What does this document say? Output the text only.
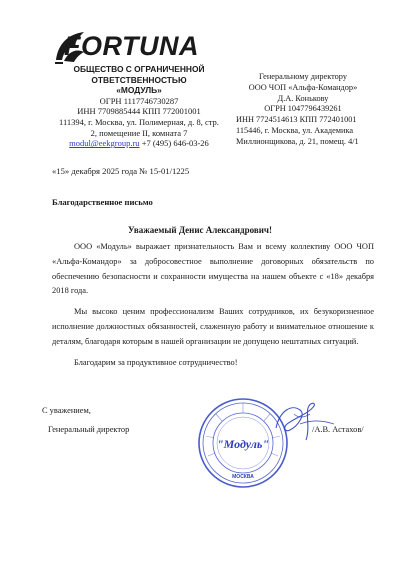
FORTUNA
ОБЩЕСТВО С ОГРАНИЧЕННОЙ
ОТВЕТСТВЕННОСТЬЮ
«МОДУЛЬ»
ОГРН 1117746730287
ИНН 7709885444 КПП 772001001
111394, г. Москва, ул. Полимерная, д. 8, стр.
2, помещение II, комната 7
modul@eekgroup.ru +7 (495) 646-03-26
Генеральному директору
ООО ЧОП «Альфа-Командор»
Д.А. Конькову
ОГРН 1047796439261
ИНН 7724514613 КПП 772401001
115446, г. Москва, ул. Академика
Миллионщикова, д. 21, помещ. 4/1
«15» декабря 2025 года № 15-01/1225
Благодарственное письмо
Уважаемый Денис Александрович!

ООО «Модуль» выражает признательность Вам и всему коллективу ООО ЧОП «Альфа-Командор» за добросовестное выполнение договорных обязательств по обеспечению безопасности и сохранности имущества на нашем объекте с «18» декабря 2018 года.

Мы высоко ценим профессионализм Ваших сотрудников, их безукоризненное исполнение должностных обязанностей, слаженную работу и внимательное отношение к деталям, благодаря которым в нашей организации не допущено нештатных ситуаций.

Благодарим за продуктивное сотрудничество!

С уважением,
Генеральный директор
"Модуль"
МОСКВА
/А.В. Астахов/
